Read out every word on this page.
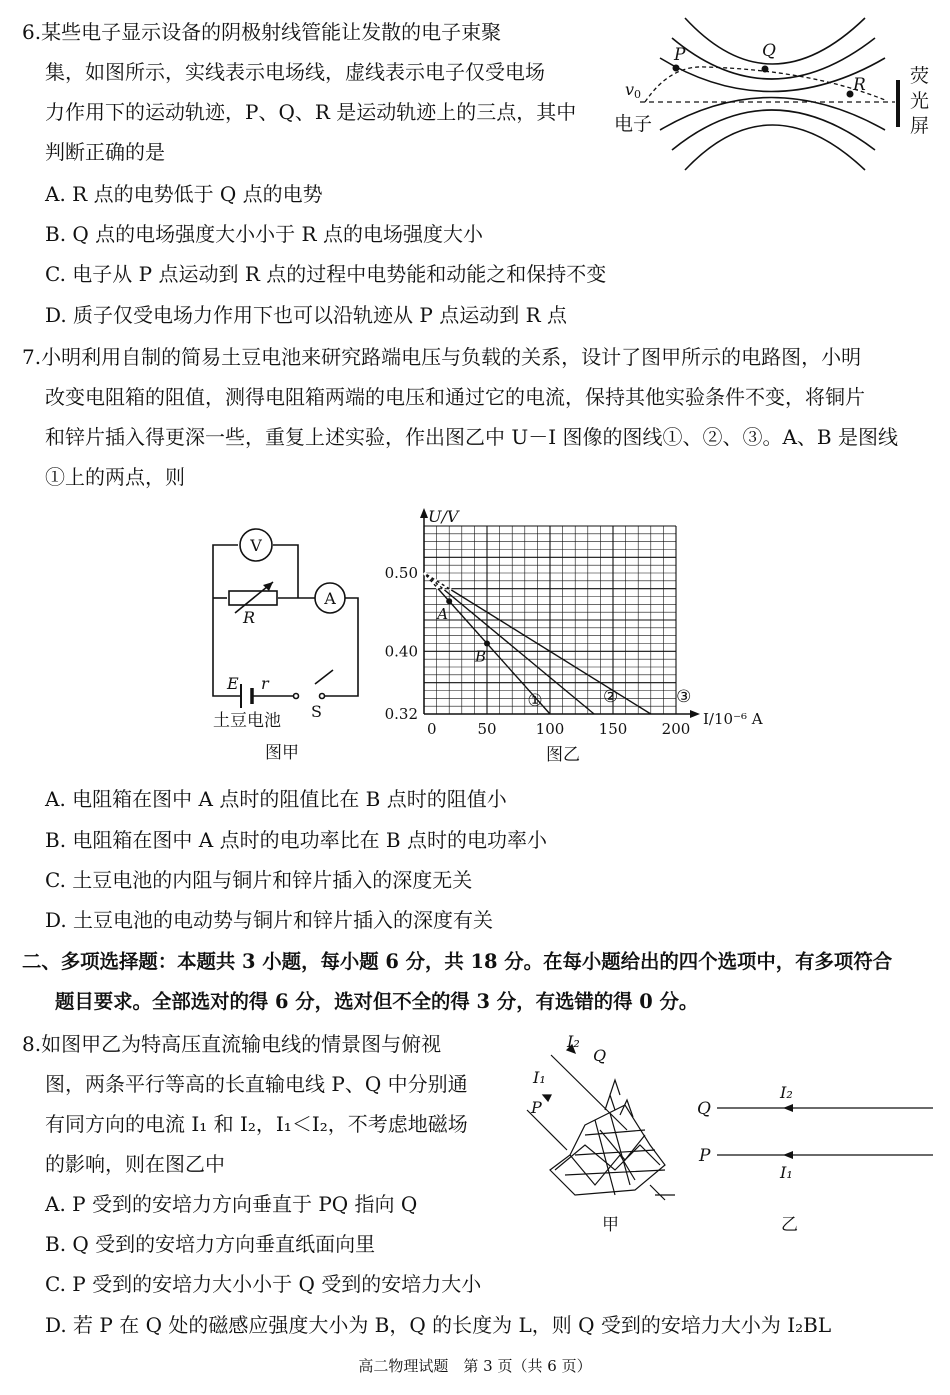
6.某些电子显示设备的阴极射线管能让发散的电子束聚
集，如图所示，实线表示电场线，虚线表示电子仅受电场
力作用下的运动轨迹，P、Q、R 是运动轨迹上的三点，其中
判断正确的是
A. R 点的电势低于 Q 点的电势
B. Q 点的电场强度大小小于 R 点的电场强度大小
C. 电子从 P 点运动到 R 点的过程中电势能和动能之和保持不变
D. 质子仅受电场力作用下也可以沿轨迹从 P 点运动到 R 点
P	Q
R
v0
电子
荧
光
屏
7.小明利用自制的简易土豆电池来研究路端电压与负载的关系，设计了图甲所示的电路图，小明
改变电阻箱的阻值，测得电阻箱两端的电压和通过它的电流，保持其他实验条件不变，将铜片
和锌片插入得更深一些，重复上述实验，作出图乙中 U－I 图像的图线①、②、③。A、B 是图线
①上的两点，则
V
A
R
E r
S
土豆电池
图甲
U/V
I/10⁻⁶ A
①	②	③
50	100 150 200
0
0.32
0.40
0.50
A
B
图乙
A. 电阻箱在图中 A 点时的阻值比在 B 点时的阻值小
B. 电阻箱在图中 A 点时的电功率比在 B 点时的电功率小
C. 土豆电池的内阻与铜片和锌片插入的深度无关
D. 土豆电池的电动势与铜片和锌片插入的深度有关
二、多项选择题：本题共 3 小题，每小题 6 分，共 18 分。在每小题给出的四个选项中，有多项符合
题目要求。全部选对的得 6 分，选对但不全的得 3 分，有选错的得 0 分。
8.如图甲乙为特高压直流输电线的情景图与俯视
图，两条平行等高的长直输电线 P、Q 中分别通
有同方向的电流 I₁ 和 I₂，I₁＜I₂，不考虑地磁场
的影响，则在图乙中
A. P 受到的安培力方向垂直于 PQ 指向 Q
B. Q 受到的安培力方向垂直纸面向里
C. P 受到的安培力大小小于 Q 受到的安培力大小
D. 若 P 在 Q 处的磁感应强度大小为 B，Q 的长度为 L，则 Q 受到的安培力大小为 I₂BL
I₂
Q
I₁
P
甲
Q
P
I₂
I₁
乙
高二物理试题　第 3 页（共 6 页）
